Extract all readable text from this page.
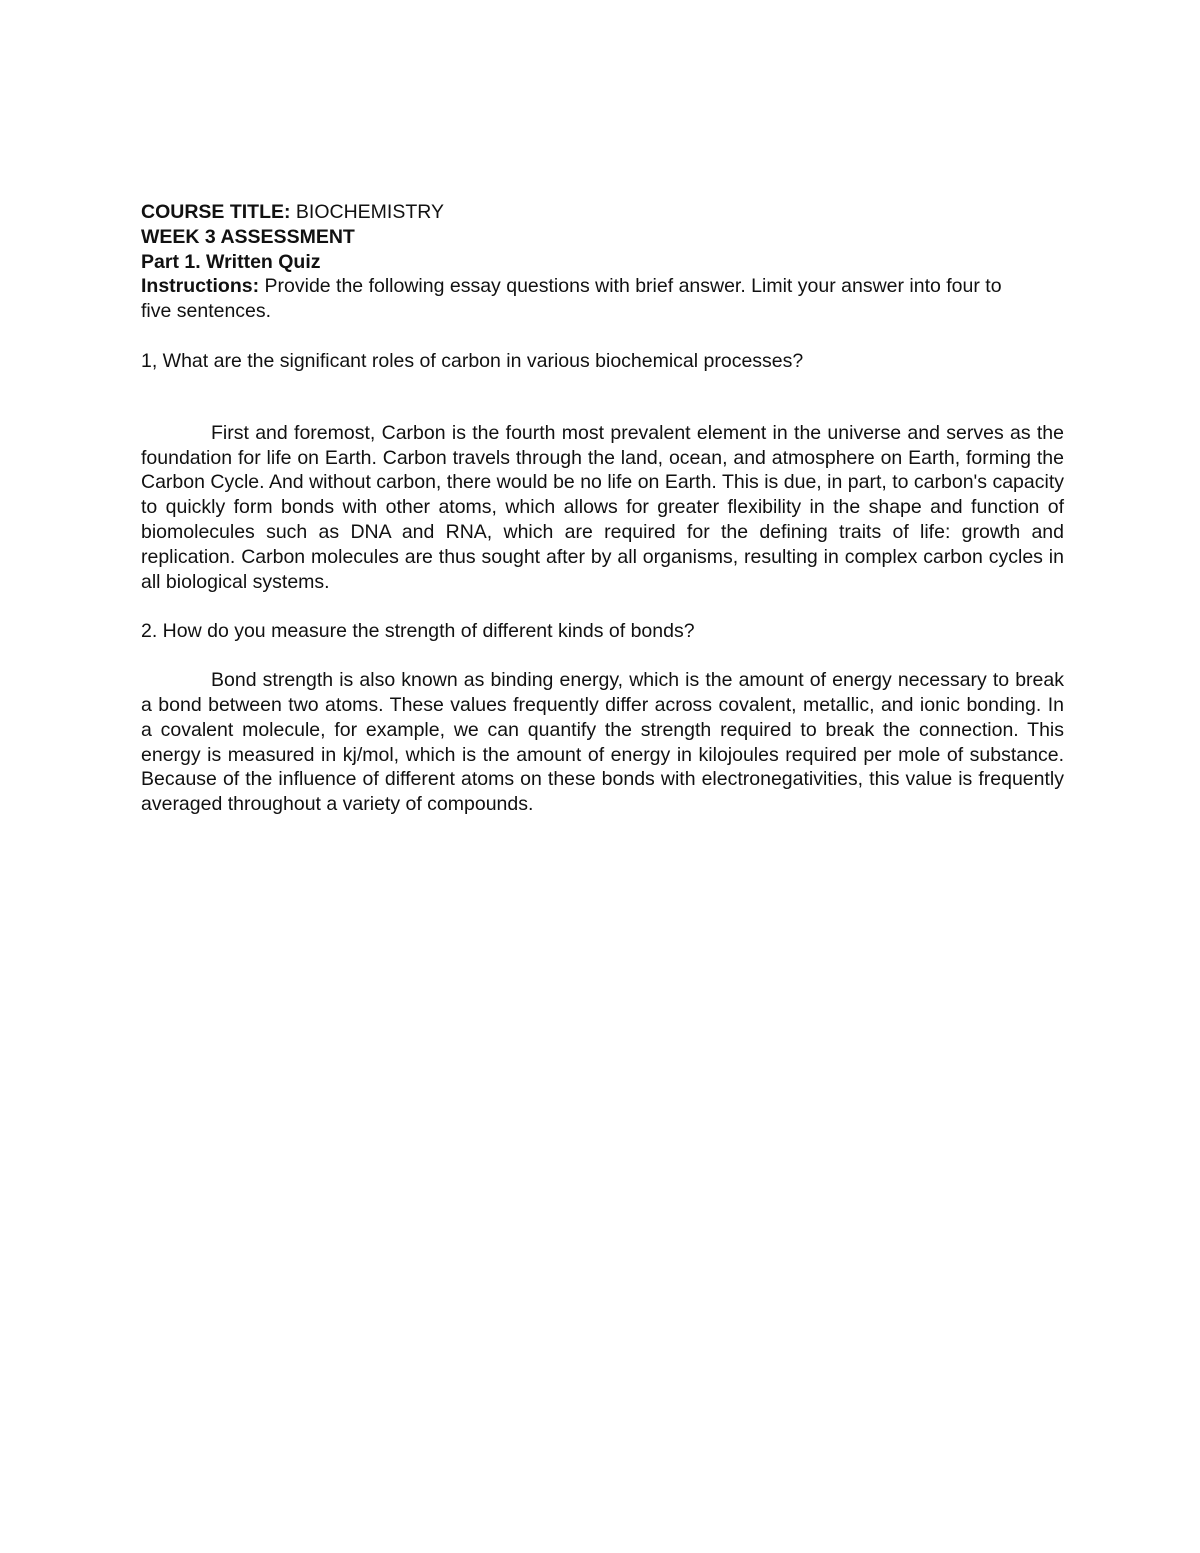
COURSE TITLE: BIOCHEMISTRY

WEEK 3 ASSESSMENT

Part 1. Written Quiz

Instructions: Provide the following essay questions with brief answer. Limit your answer into four to five sentences.

1, What are the significant roles of carbon in various biochemical processes?

First and foremost, Carbon is the fourth most prevalent element in the universe and serves as the foundation for life on Earth. Carbon travels through the land, ocean, and atmosphere on Earth, forming the Carbon Cycle. And without carbon, there would be no life on Earth. This is due, in part, to carbon's capacity to quickly form bonds with other atoms, which allows for greater flexibility in the shape and function of biomolecules such as DNA and RNA, which are required for the defining traits of life: growth and replication. Carbon molecules are thus sought after by all organisms, resulting in complex carbon cycles in all biological systems.

2. How do you measure the strength of different kinds of bonds?

Bond strength is also known as binding energy, which is the amount of energy necessary to break a bond between two atoms. These values frequently differ across covalent, metallic, and ionic bonding. In a covalent molecule, for example, we can quantify the strength required to break the connection. This energy is measured in kj/mol, which is the amount of energy in kilojoules required per mole of substance. Because of the influence of different atoms on these bonds with electronegativities, this value is frequently averaged throughout a variety of compounds.
